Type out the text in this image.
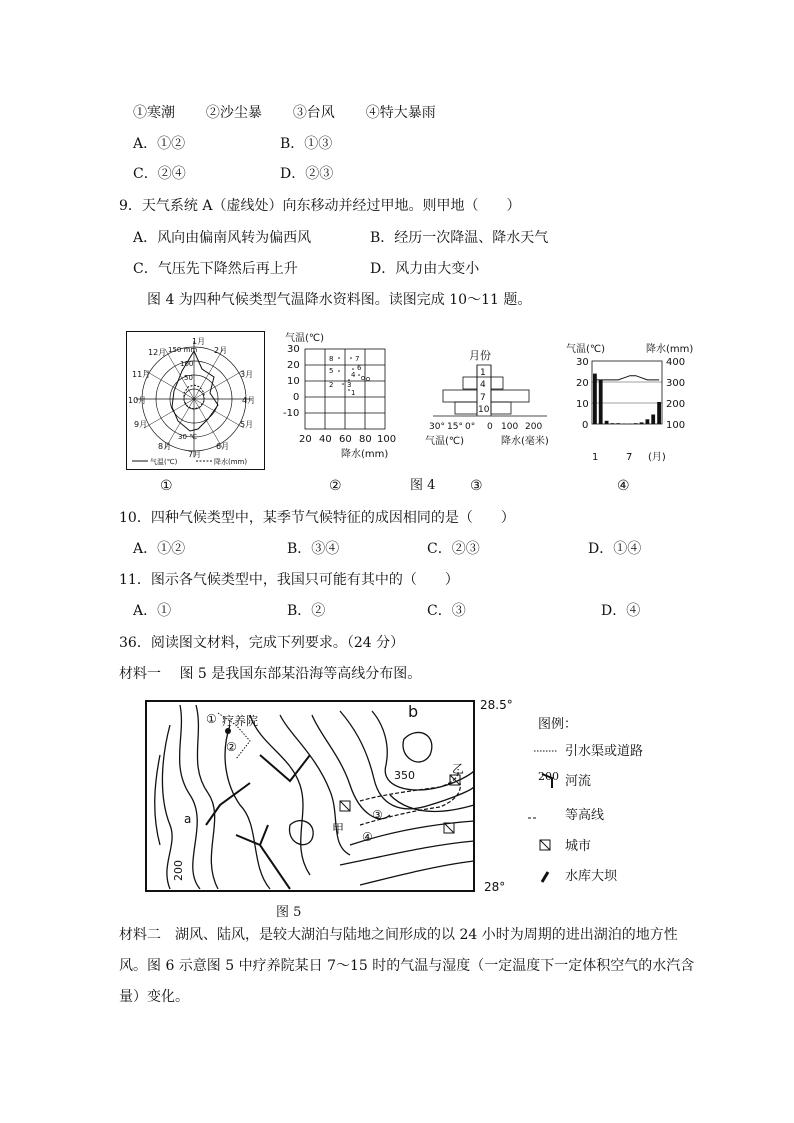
①寒潮 ②沙尘暴 ③台风 ④特大暴雨
A．①②	B．①③
C．②④	D．②③
9．天气系统 A（虚线处）向东移动并经过甲地。则甲地（　　）
A．风向由偏南风转为偏西风	B．经历一次降温、降水天气
C．气压先下降然后再上升	D．风力由大变小
图 4 为四种气候类型气温降水资料图。读图完成 10～11 题。
1月
2月
3月
4月
5月
6月
7月
8月
9月
10月
11月
12月 150 mm
100
50
30 ℃
气温(℃)	降水(mm)
气温(℃)
30
20
10
0
-10
20 40 60 80 100
降水(mm)
8	7
5	6
4
2 3
1
月份
1
4
7
10
30° 15° 0° 0 100 200
气温(℃)	降水(毫米)
气温(℃)	降水(mm)
30
20
10
0
400
300
200
100
1	7 (月)
①	②	图 4 ③	④
10．四种气候类型中，某季节气候特征的成因相同的是（　　）
A．①②	B．③④	C．②③	D．①④
11．图示各气候类型中，我国只可能有其中的（　　）
A．①	B．②	C．③	D．④
36．阅读图文材料，完成下列要求。（24 分）
材料一　 图 5 是我国东部某沿海等高线分布图。
① 疗养院
②
b
a
350
200
③
④
甲
乙
28.5°
28°
图例：
200
引水渠或道路
河流
等高线
城市
水库大坝
图 5
材料二　湖风、陆风，是较大湖泊与陆地之间形成的以 24 小时为周期的进出湖泊的地方性
风。图 6 示意图 5 中疗养院某日 7～15 时的气温与湿度（一定温度下一定体积空气的水汽含
量）变化。
